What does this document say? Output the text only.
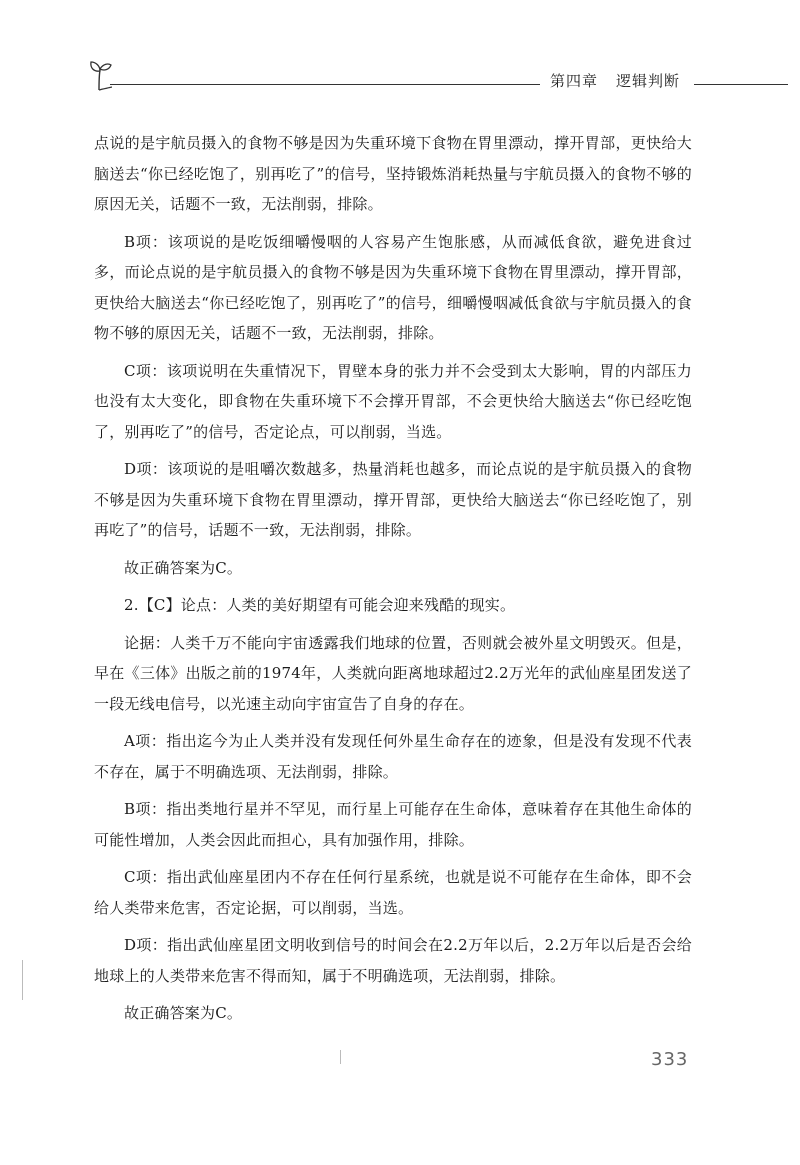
第四章 逻辑判断

点说的是宇航员摄入的食物不够是因为失重环境下食物在胃里漂动，撑开胃部，更快给大脑送去“你已经吃饱了，别再吃了”的信号，坚持锻炼消耗热量与宇航员摄入的食物不够的原因无关，话题不一致，无法削弱，排除。

B项：该项说的是吃饭细嚼慢咽的人容易产生饱胀感，从而减低食欲，避免进食过多，而论点说的是宇航员摄入的食物不够是因为失重环境下食物在胃里漂动，撑开胃部，更快给大脑送去“你已经吃饱了，别再吃了”的信号，细嚼慢咽减低食欲与宇航员摄入的食物不够的原因无关，话题不一致，无法削弱，排除。

C项：该项说明在失重情况下，胃壁本身的张力并不会受到太大影响，胃的内部压力也没有太大变化，即食物在失重环境下不会撑开胃部，不会更快给大脑送去“你已经吃饱了，别再吃了”的信号，否定论点，可以削弱，当选。

D项：该项说的是咀嚼次数越多，热量消耗也越多，而论点说的是宇航员摄入的食物不够是因为失重环境下食物在胃里漂动，撑开胃部，更快给大脑送去“你已经吃饱了，别再吃了”的信号，话题不一致，无法削弱，排除。

故正确答案为C。

2.【C】论点：人类的美好期望有可能会迎来残酷的现实。

论据：人类千万不能向宇宙透露我们地球的位置，否则就会被外星文明毁灭。但是，早在《三体》出版之前的1974年，人类就向距离地球超过2.2万光年的武仙座星团发送了一段无线电信号，以光速主动向宇宙宣告了自身的存在。

A项：指出迄今为止人类并没有发现任何外星生命存在的迹象，但是没有发现不代表不存在，属于不明确选项、无法削弱，排除。

B项：指出类地行星并不罕见，而行星上可能存在生命体，意味着存在其他生命体的可能性增加，人类会因此而担心，具有加强作用，排除。

C项：指出武仙座星团内不存在任何行星系统，也就是说不可能存在生命体，即不会给人类带来危害，否定论据，可以削弱，当选。

D项：指出武仙座星团文明收到信号的时间会在2.2万年以后，2.2万年以后是否会给地球上的人类带来危害不得而知，属于不明确选项，无法削弱，排除。

故正确答案为C。

333
